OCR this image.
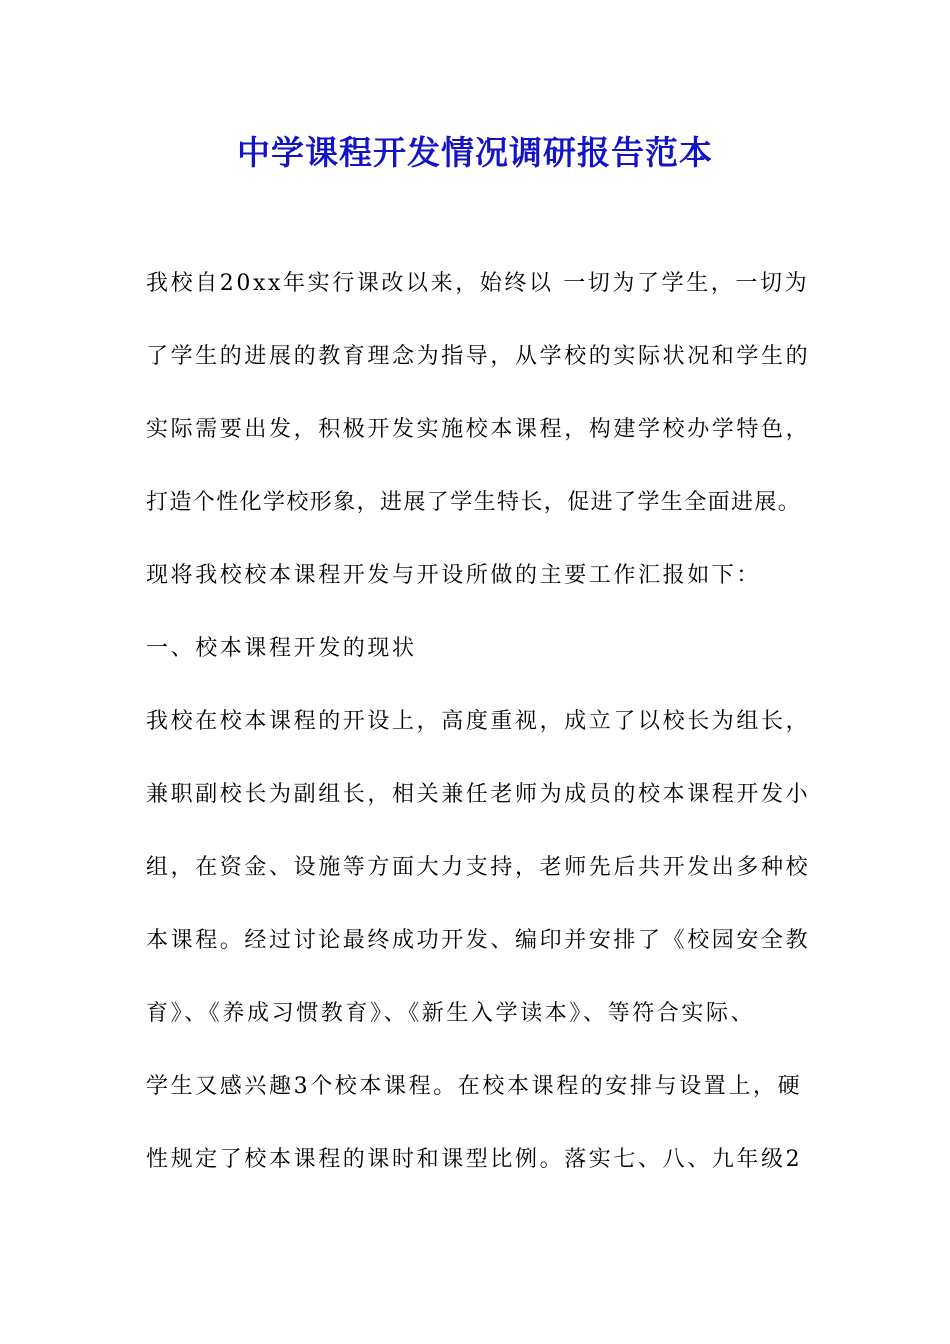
中学课程开发情况调研报告范本
我校自20xx年实行课改以来，始终以 一切为了学生，一切为
了学生的进展的教育理念为指导，从学校的实际状况和学生的
实际需要出发，积极开发实施校本课程，构建学校办学特色，
打造个性化学校形象，进展了学生特长，促进了学生全面进展。
现将我校校本课程开发与开设所做的主要工作汇报如下：
一、校本课程开发的现状
我校在校本课程的开设上，高度重视，成立了以校长为组长，
兼职副校长为副组长，相关兼任老师为成员的校本课程开发小
组，在资金、设施等方面大力支持，老师先后共开发出多种校
本课程。经过讨论最终成功开发、编印并安排了《校园安全教
育》、《养成习惯教育》、《新生入学读本》、等符合实际、
学生又感兴趣3个校本课程。在校本课程的安排与设置上，硬
性规定了校本课程的课时和课型比例。落实七、八、九年级2
